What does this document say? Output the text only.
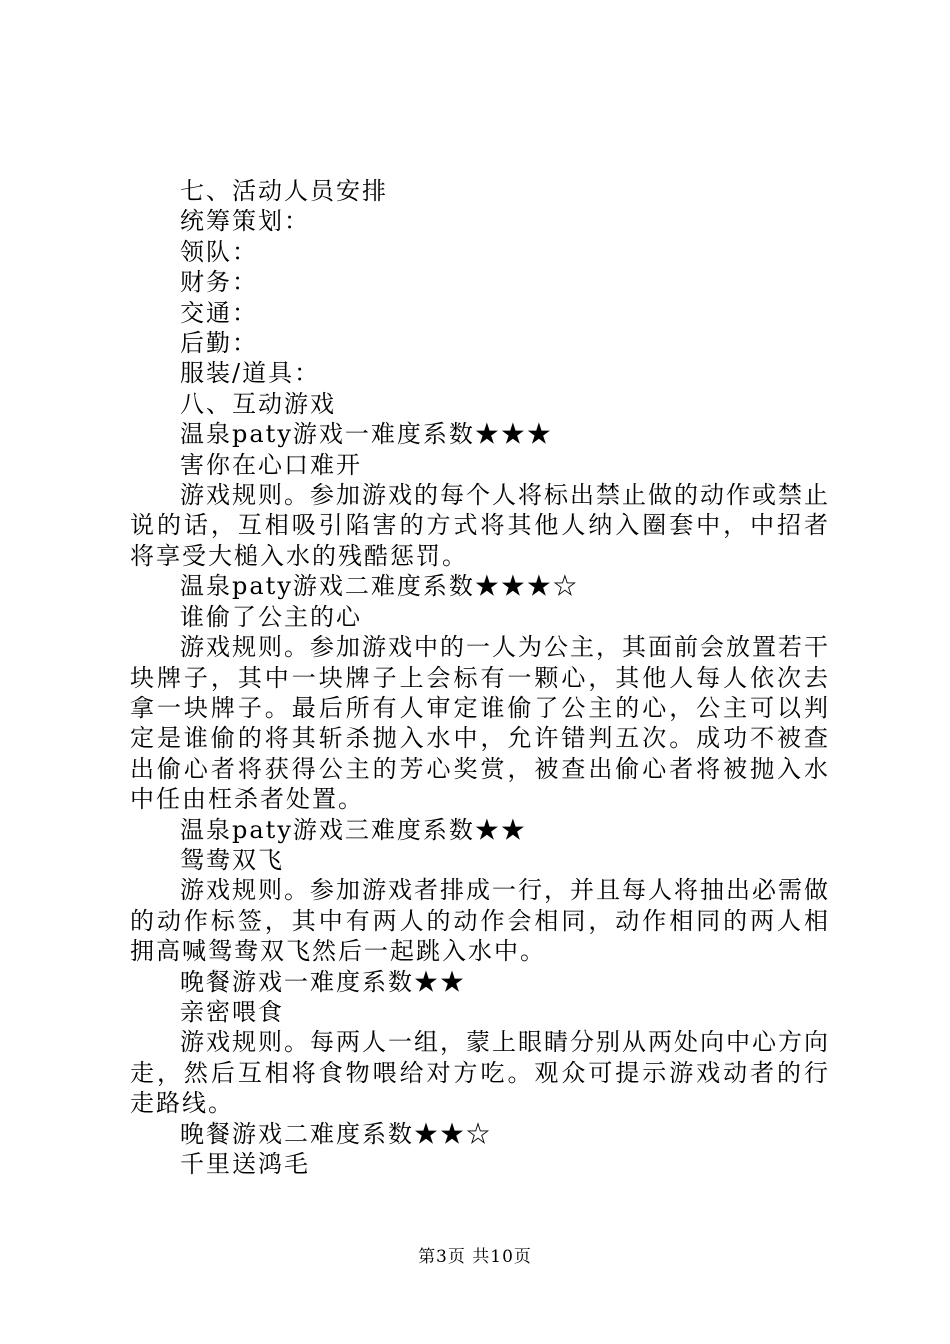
七、活动人员安排

统筹策划：

领队：

财务：

交通：

后勤：

服装/道具：

八、互动游戏

温泉paty游戏一难度系数★★★

害你在心口难开

游戏规则。参加游戏的每个人将标出禁止做的动作或禁止说的话，互相吸引陷害的方式将其他人纳入圈套中，中招者将享受大槌入水的残酷惩罚。

温泉paty游戏二难度系数★★★☆

谁偷了公主的心

游戏规则。参加游戏中的一人为公主，其面前会放置若干块牌子，其中一块牌子上会标有一颗心，其他人每人依次去拿一块牌子。最后所有人审定谁偷了公主的心，公主可以判定是谁偷的将其斩杀抛入水中，允许错判五次。成功不被查出偷心者将获得公主的芳心奖赏，被查出偷心者将被抛入水中任由枉杀者处置。

温泉paty游戏三难度系数★★

鸳鸯双飞

游戏规则。参加游戏者排成一行，并且每人将抽出必需做的动作标签，其中有两人的动作会相同，动作相同的两人相拥高喊鸳鸯双飞然后一起跳入水中。

晚餐游戏一难度系数★★

亲密喂食

游戏规则。每两人一组，蒙上眼睛分别从两处向中心方向走，然后互相将食物喂给对方吃。观众可提示游戏动者的行走路线。

晚餐游戏二难度系数★★☆

千里送鸿毛

第3页 共10页
